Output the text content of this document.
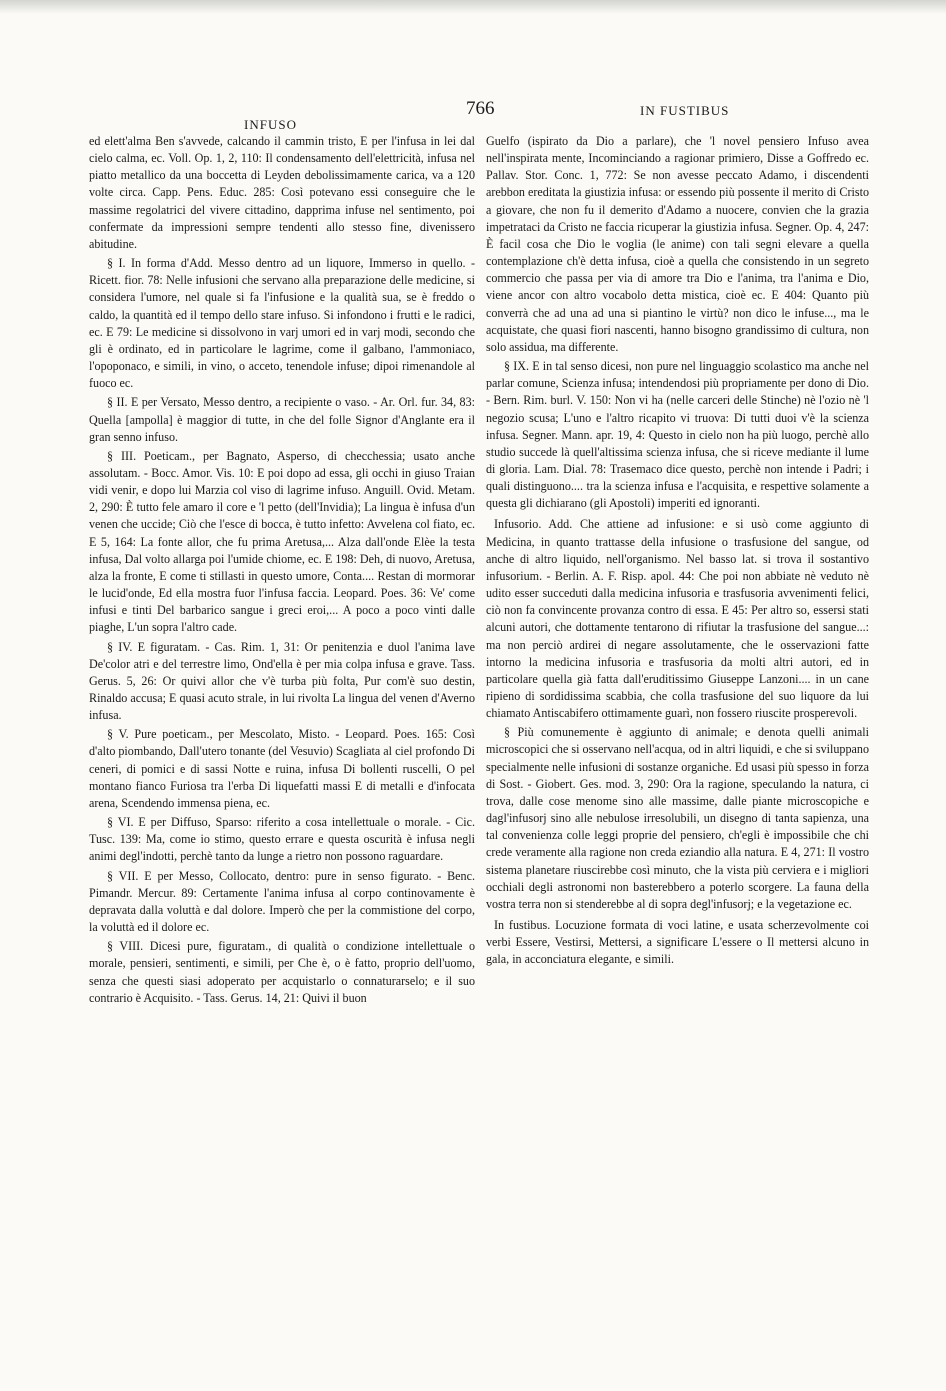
INFUSO
766	IN FUSTIBUS

ed elett'alma Ben s'avvede, calcando il cammin tristo, E per l'infusa in lei dal cielo calma, ec. Voll. Op. 1, 2, 110: Il condensamento dell'elettricità, infusa nel piatto metallico da una boccetta di Leyden debolissimamente carica, va a 120 volte circa. Capp. Pens. Educ. 285: Così potevano essi conseguire che le massime regolatrici del vivere cittadino, dapprima infuse nel sentimento, poi confermate da impressioni sempre tendenti allo stesso fine, divenissero abitudine.

§ I. In forma d'Add. Messo dentro ad un liquore, Immerso in quello. - Ricett. fior. 78: Nelle infusioni che servano alla preparazione delle medicine, si considera l'umore, nel quale si fa l'infusione e la qualità sua, se è freddo o caldo, la quantità ed il tempo dello stare infuso. Si infondono i frutti e le radici, ec. E 79: Le medicine si dissolvono in varj umori ed in varj modi, secondo che gli è ordinato, ed in particolare le lagrime, come il galbano, l'ammoniaco, l'opoponaco, e simili, in vino, o acceto, tenendole infuse; dipoi rimenandole al fuoco ec.

§ II. E per Versato, Messo dentro, a recipiente o vaso. - Ar. Orl. fur. 34, 83: Quella [ampolla] è maggior di tutte, in che del folle Signor d'Anglante era il gran senno infuso.

§ III. Poeticam., per Bagnato, Asperso, di checchessia; usato anche assolutam. - Bocc. Amor. Vis. 10: E poi dopo ad essa, gli occhi in giuso Traian vidi venir, e dopo lui Marzia col viso di lagrime infuso. Anguill. Ovid. Metam. 2, 290: È tutto fele amaro il core e 'l petto (dell'Invidia); La lingua è infusa d'un venen che uccide; Ciò che l'esce di bocca, è tutto infetto: Avvelena col fiato, ec. E 5, 164: La fonte allor, che fu prima Aretusa,... Alza dall'onde Elèe la testa infusa, Dal volto allarga poi l'umide chiome, ec. E 198: Deh, di nuovo, Aretusa, alza la fronte, E come ti stillasti in questo umore, Conta.... Restan di mormorar le lucid'onde, Ed ella mostra fuor l'infusa faccia. Leopard. Poes. 36: Ve' come infusi e tinti Del barbarico sangue i greci eroi,... A poco a poco vinti dalle piaghe, L'un sopra l'altro cade.

§ IV. E figuratam. - Cas. Rim. 1, 31: Or penitenzia e duol l'anima lave De'color atri e del terrestre limo, Ond'ella è per mia colpa infusa e grave. Tass. Gerus. 5, 26: Or quivi allor che v'è turba più folta, Pur com'è suo destin, Rinaldo accusa; E quasi acuto strale, in lui rivolta La lingua del venen d'Averno infusa.

§ V. Pure poeticam., per Mescolato, Misto. - Leopard. Poes. 165: Così d'alto piombando, Dall'utero tonante (del Vesuvio) Scagliata al ciel profondo Di ceneri, di pomici e di sassi Notte e ruina, infusa Di bollenti ruscelli, O pel montano fianco Furiosa tra l'erba Di liquefatti massi E di metalli e d'infocata arena, Scendendo immensa piena, ec.

§ VI. E per Diffuso, Sparso: riferito a cosa intellettuale o morale. - Cic. Tusc. 139: Ma, come io stimo, questo errare e questa oscurità è infusa negli animi degl'indotti, perchè tanto da lunge a rietro non possono raguardare.

§ VII. E per Messo, Collocato, dentro: pure in senso figurato. - Benc. Pimandr. Mercur. 89: Certamente l'anima infusa al corpo continovamente è depravata dalla voluttà e dal dolore. Imperò che per la commistione del corpo, la voluttà ed il dolore ec.

§ VIII. Dicesi pure, figuratam., di qualità o condizione intellettuale o morale, pensieri, sentimenti, e simili, per Che è, o è fatto, proprio dell'uomo, senza che questi siasi adoperato per acquistarlo o connaturarselo; e il suo contrario è Acquisito. - Tass. Gerus. 14, 21: Quivi il buon

Guelfo (ispirato da Dio a parlare), che 'l novel pensiero Infuso avea nell'inspirata mente, Incominciando a ragionar primiero, Disse a Goffredo ec. Pallav. Stor. Conc. 1, 772: Se non avesse peccato Adamo, i discendenti arebbon ereditata la giustizia infusa: or essendo più possente il merito di Cristo a giovare, che non fu il demerito d'Adamo a nuocere, convien che la grazia impetrataci da Cristo ne faccia ricuperar la giustizia infusa. Segner. Op. 4, 247: È facil cosa che Dio le voglia (le anime) con tali segni elevare a quella contemplazione ch'è detta infusa, cioè a quella che consistendo in un segreto commercio che passa per via di amore tra Dio e l'anima, tra l'anima e Dio, viene ancor con altro vocabolo detta mistica, cioè ec. E 404: Quanto più converrà che ad una ad una si piantino le virtù? non dico le infuse..., ma le acquistate, che quasi fiori nascenti, hanno bisogno grandissimo di cultura, non solo assidua, ma differente.

§ IX. E in tal senso dicesi, non pure nel linguaggio scolastico ma anche nel parlar comune, Scienza infusa; intendendosi più propriamente per dono di Dio. - Bern. Rim. burl. V. 150: Non vi ha (nelle carceri delle Stinche) nè l'ozio nè 'l negozio scusa; L'uno e l'altro ricapito vi truova: Di tutti duoi v'è la scienza infusa. Segner. Mann. apr. 19, 4: Questo in cielo non ha più luogo, perchè allo studio succede là quell'altissima scienza infusa, che si riceve mediante il lume di gloria. Lam. Dial. 78: Trasemaco dice questo, perchè non intende i Padri; i quali distinguono.... tra la scienza infusa e l'acquisita, e respettive solamente a questa gli dichiarano (gli Apostoli) imperiti ed ignoranti.

Infusorio. Add. Che attiene ad infusione: e si usò come aggiunto di Medicina, in quanto trattasse della infusione o trasfusione del sangue, od anche di altro liquido, nell'organismo. Nel basso lat. si trova il sostantivo infusorium. - Berlin. A. F. Risp. apol. 44: Che poi non abbiate nè veduto nè udito esser succeduti dalla medicina infusoria e trasfusoria avvenimenti felici, ciò non fa convincente provanza contro di essa. E 45: Per altro so, essersi stati alcuni autori, che dottamente tentarono di rifiutar la trasfusione del sangue...: ma non perciò ardirei di negare assolutamente, che le osservazioni fatte intorno la medicina infusoria e trasfusoria da molti altri autori, ed in particolare quella già fatta dall'eruditissimo Giuseppe Lanzoni.... in un cane ripieno di sordidissima scabbia, che colla trasfusione del suo liquore da lui chiamato Antiscabifero ottimamente guarì, non fossero riuscite prosperevoli.

§ Più comunemente è aggiunto di animale; e denota quelli animali microscopici che si osservano nell'acqua, od in altri liquidi, e che si sviluppano specialmente nelle infusioni di sostanze organiche. Ed usasi più spesso in forza di Sost. - Giobert. Ges. mod. 3, 290: Ora la ragione, speculando la natura, ci trova, dalle cose menome sino alle massime, dalle piante microscopiche e dagl'infusorj sino alle nebulose irresolubili, un disegno di tanta sapienza, una tal convenienza colle leggi proprie del pensiero, ch'egli è impossibile che chi crede veramente alla ragione non creda eziandio alla natura. E 4, 271: Il vostro sistema planetare riuscirebbe così minuto, che la vista più cerviera e i migliori occhiali degli astronomi non basterebbero a poterlo scorgere. La fauna della vostra terra non si stenderebbe al di sopra degl'infusorj; e la vegetazione ec.

In fustibus. Locuzione formata di voci latine, e usata scherzevolmente coi verbi Essere, Vestirsi, Mettersi, a significare L'essere o Il mettersi alcuno in gala, in acconciatura elegante, e simili.
